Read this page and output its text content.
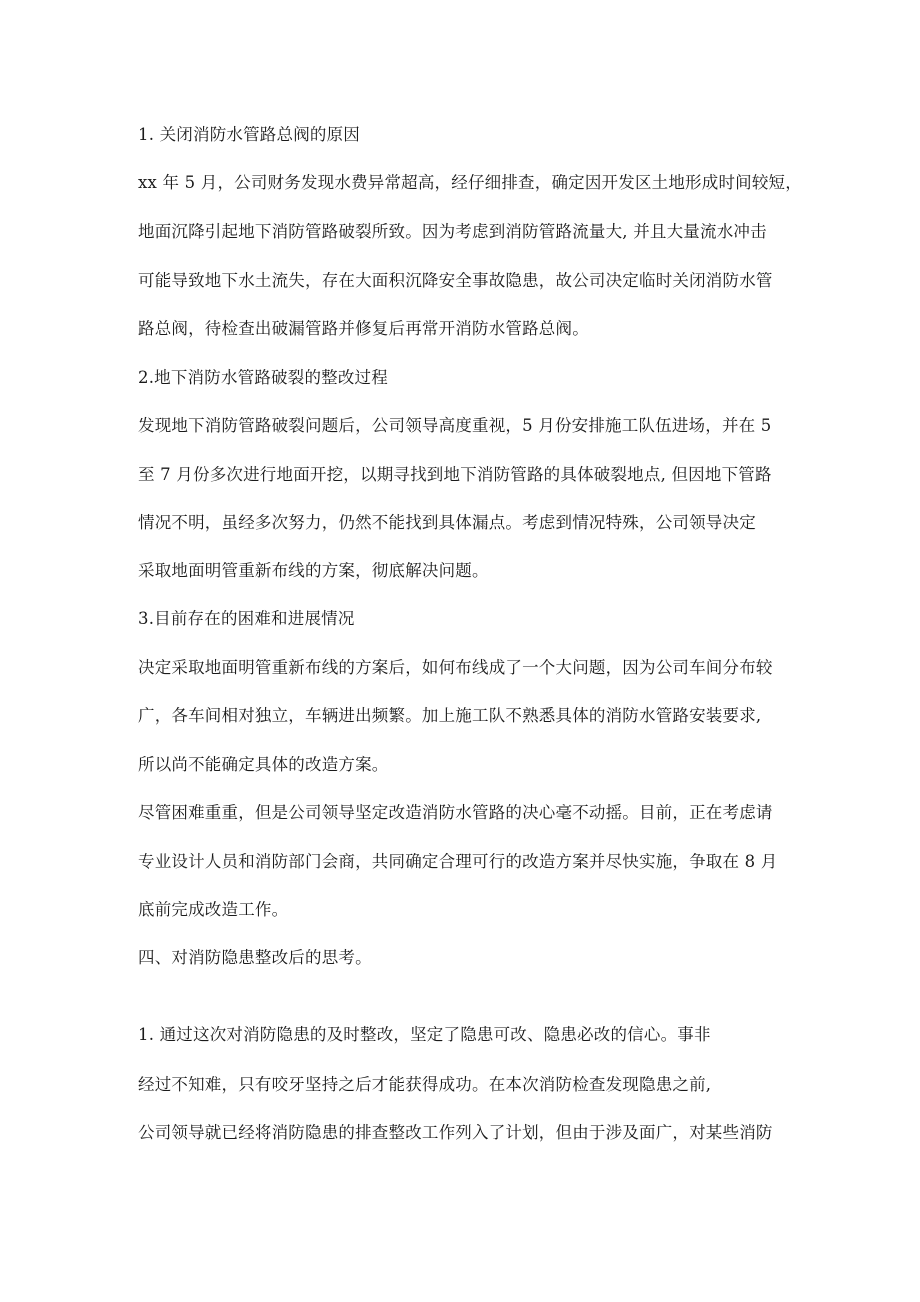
1. 关闭消防水管路总阀的原因
xx 年 5 月，公司财务发现水费异常超高，经仔细排查，确定因开发区土地形成时间较短，
地面沉降引起地下消防管路破裂所致。因为考虑到消防管路流量大, 并且大量流水冲击
可能导致地下水土流失，存在大面积沉降安全事故隐患，故公司决定临时关闭消防水管
路总阀，待检查出破漏管路并修复后再常开消防水管路总阀。
2.地下消防水管路破裂的整改过程
发现地下消防管路破裂问题后，公司领导高度重视，5 月份安排施工队伍进场，并在 5
至 7 月份多次进行地面开挖，以期寻找到地下消防管路的具体破裂地点, 但因地下管路
情况不明，虽经多次努力，仍然不能找到具体漏点。考虑到情况特殊，公司领导决定
采取地面明管重新布线的方案，彻底解决问题。
3.目前存在的困难和进展情况
决定采取地面明管重新布线的方案后，如何布线成了一个大问题，因为公司车间分布较
广，各车间相对独立，车辆进出频繁。加上施工队不熟悉具体的消防水管路安装要求,
所以尚不能确定具体的改造方案。
尽管困难重重，但是公司领导坚定改造消防水管路的决心毫不动摇。目前，正在考虑请
专业设计人员和消防部门会商，共同确定合理可行的改造方案并尽快实施，争取在 8 月
底前完成改造工作。
四、对消防隐患整改后的思考。
1. 通过这次对消防隐患的及时整改，坚定了隐患可改、隐患必改的信心。事非
经过不知难，只有咬牙坚持之后才能获得成功。在本次消防检查发现隐患之前,
公司领导就已经将消防隐患的排查整改工作列入了计划，但由于涉及面广，对某些消防
